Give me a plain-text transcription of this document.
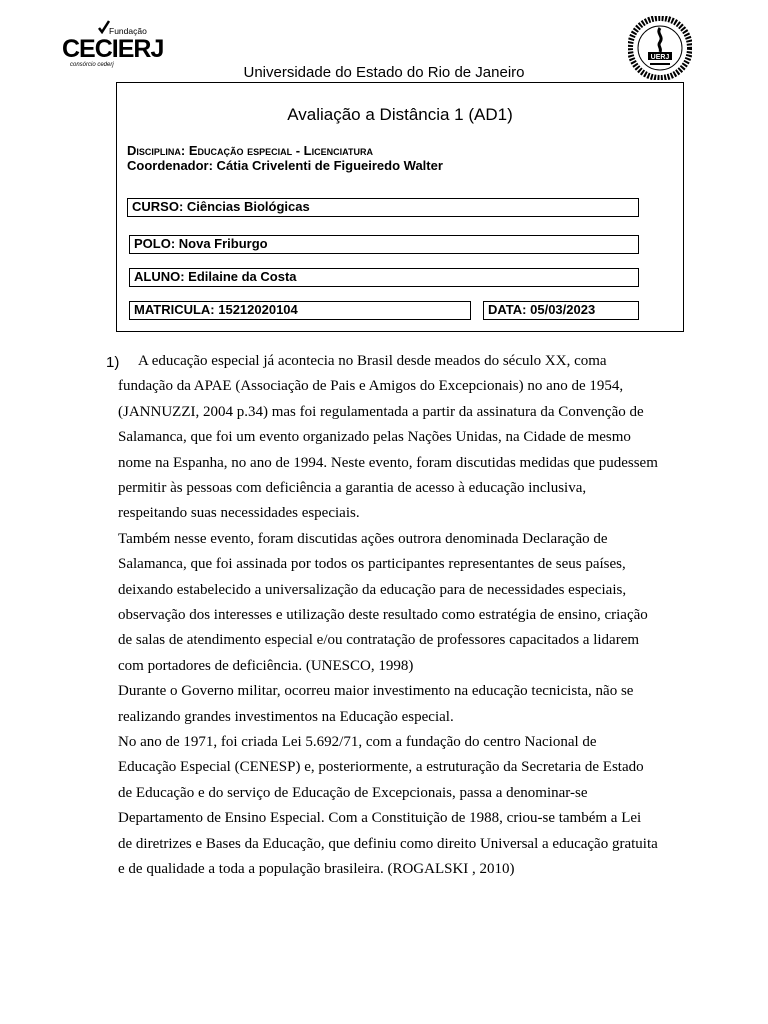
Fundação
CECIERJ
consórcio cederj
UERJ
Universidade do Estado do Rio de Janeiro
Avaliação a Distância 1 (AD1)
Disciplina: Educação especial - Licenciatura
Coordenador: Cátia Crivelenti de Figueiredo Walter
CURSO: Ciências Biológicas
POLO: Nova Friburgo
ALUNO: Edilaine da Costa
MATRICULA: 15212020104	DATA: 05/03/2023
1) A educação especial já acontecia no Brasil desde meados do século XX, coma
fundação da APAE (Associação de Pais e Amigos do Excepcionais) no ano de 1954,
(JANNUZZI, 2004 p.34) mas foi regulamentada a partir da assinatura da Convenção de
Salamanca, que foi um evento organizado pelas Nações Unidas, na Cidade de mesmo
nome na Espanha, no ano de 1994. Neste evento, foram discutidas medidas que pudessem
permitir às pessoas com deficiência a garantia de acesso à educação inclusiva,
respeitando suas necessidades especiais.
Também nesse evento, foram discutidas ações outrora denominada Declaração de
Salamanca, que foi assinada por todos os participantes representantes de seus países,
deixando estabelecido a universalização da educação para de necessidades especiais,
observação dos interesses e utilização deste resultado como estratégia de ensino, criação
de salas de atendimento especial e/ou contratação de professores capacitados a lidarem
com portadores de deficiência. (UNESCO, 1998)
Durante o Governo militar, ocorreu maior investimento na educação tecnicista, não se
realizando grandes investimentos na Educação especial.
No ano de 1971, foi criada Lei 5.692/71, com a fundação do centro Nacional de
Educação Especial (CENESP) e, posteriormente, a estruturação da Secretaria de Estado
de Educação e do serviço de Educação de Excepcionais, passa a denominar-se
Departamento de Ensino Especial. Com a Constituição de 1988, criou-se também a Lei
de diretrizes e Bases da Educação, que definiu como direito Universal a educação gratuita
e de qualidade a toda a população brasileira. (ROGALSKI , 2010)
